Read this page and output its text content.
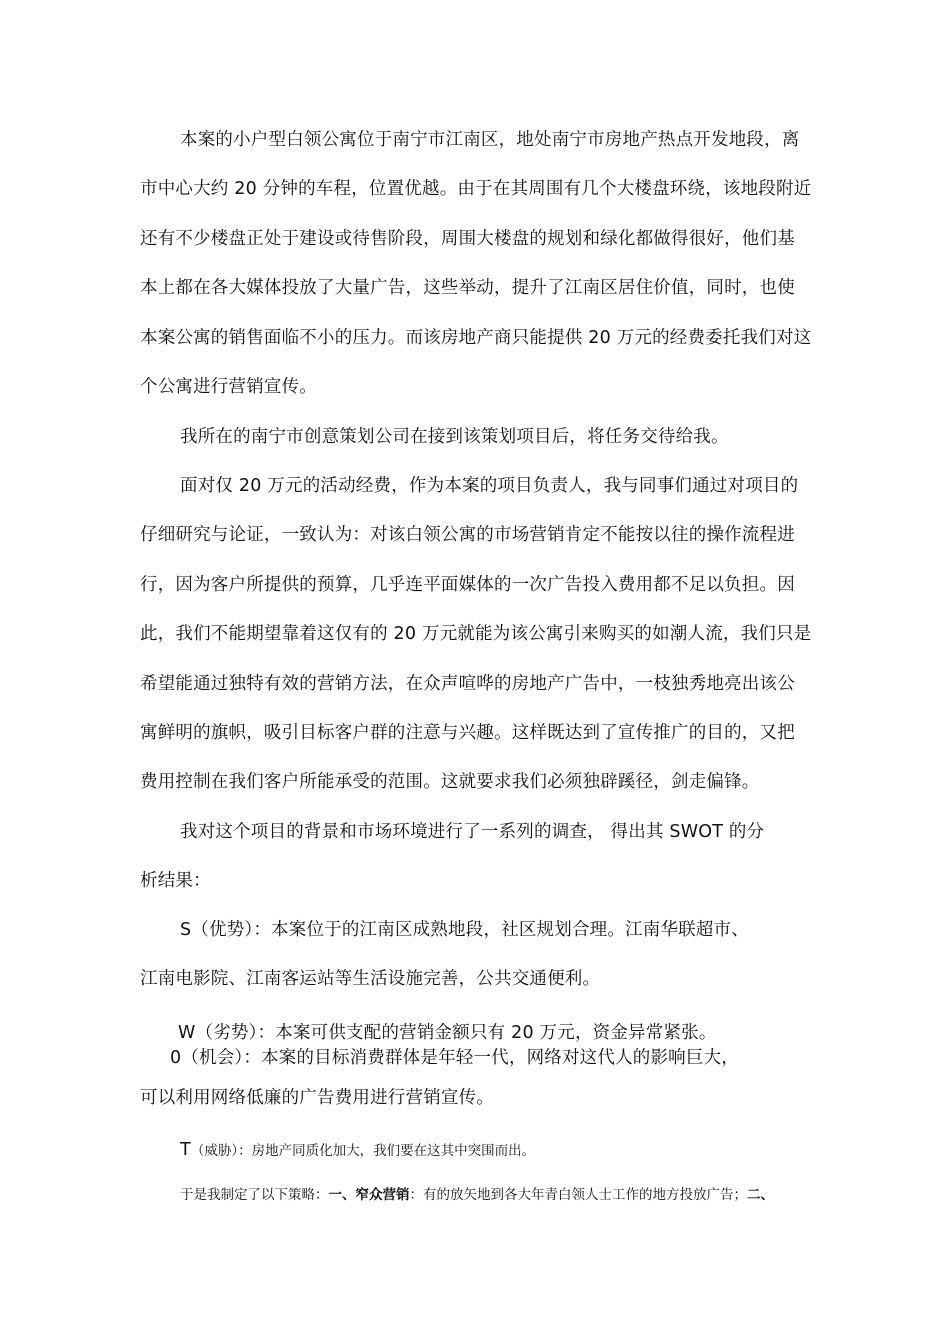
本案的小户型白领公寓位于南宁市江南区，地处南宁市房地产热点开发地段，离
市中心大约 20 分钟的车程，位置优越。由于在其周围有几个大楼盘环绕，该地段附近
还有不少楼盘正处于建设或待售阶段，周围大楼盘的规划和绿化都做得很好，他们基
本上都在各大媒体投放了大量广告，这些举动，提升了江南区居住价值，同时，也使
本案公寓的销售面临不小的压力。而该房地产商只能提供 20 万元的经费委托我们对这
个公寓进行营销宣传。
我所在的南宁市创意策划公司在接到该策划项目后，将任务交待给我。
面对仅 20 万元的活动经费，作为本案的项目负责人，我与同事们通过对项目的
仔细研究与论证，一致认为：对该白领公寓的市场营销肯定不能按以往的操作流程进
行，因为客户所提供的预算，几乎连平面媒体的一次广告投入费用都不足以负担。因
此，我们不能期望靠着这仅有的 20 万元就能为该公寓引来购买的如潮人流，我们只是
希望能通过独特有效的营销方法，在众声喧哗的房地产广告中，一枝独秀地亮出该公
寓鲜明的旗帜，吸引目标客户群的注意与兴趣。这样既达到了宣传推广的目的，又把
费用控制在我们客户所能承受的范围。这就要求我们必须独辟蹊径，剑走偏锋。
我对这个项目的背景和市场环境进行了一系列的调查， 得出其 SWOT 的分
析结果：
S（优势）：本案位于的江南区成熟地段，社区规划合理。江南华联超市、
江南电影院、江南客运站等生活设施完善，公共交通便利。
W（劣势）：本案可供支配的营销金额只有 20 万元，资金异常紧张。
0（机会）：本案的目标消费群体是年轻一代，网络对这代人的影响巨大，
可以利用网络低廉的广告费用进行营销宣传。
T（威胁）：房地产同质化加大，我们要在这其中突围而出。
于是我制定了以下策略：一、窄众营销：有的放矢地到各大年青白领人士工作的地方投放广告；二、
